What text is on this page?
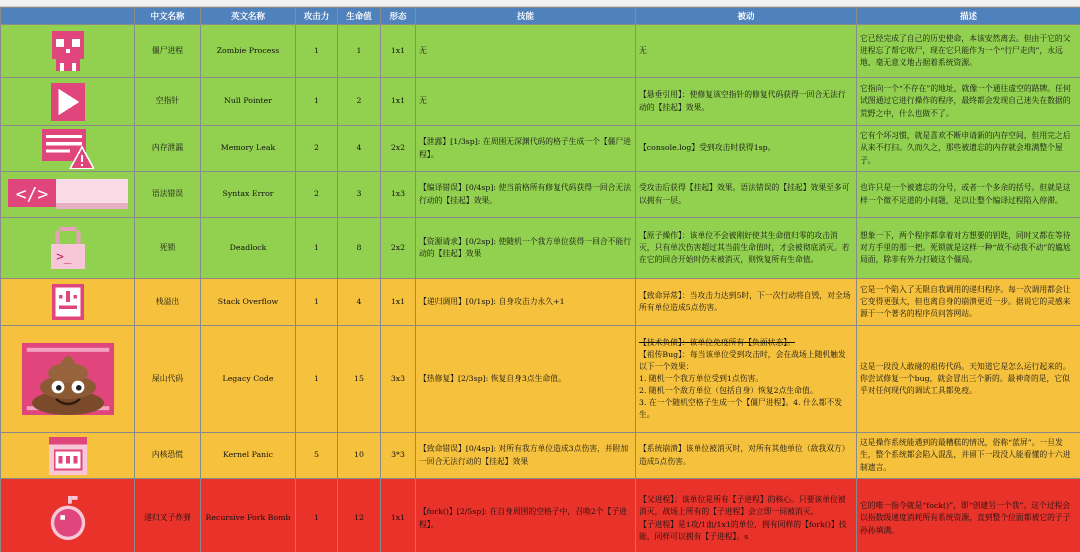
	中文名称	英文名称	攻击力	生命值	形态	技能	被动	描述

	僵尸进程	Zombie Process	1	1	1x1	无	无	它已经完成了自己的历史使命，本该安然离去。但由于它的父进程忘了帮它收尸，现在它只能作为一个“行尸走肉”，永远地、毫无意义地占据着系统资源。

	空指针	Null Pointer	1	2	1x1	无	【悬垂引用】：使修复该空指针的修复代码获得一回合无法行动的【挂起】效果。	它指向一个“不存在”的地址，就像一个通往虚空的路牌。任何试图通过它进行操作的程序，最终都会发现自己迷失在数据的荒野之中，什么也做不了。

	内存泄漏	Memory Leak	2	4	2x2	【泄露】[1/3sp]: 在周围无深渊代码的格子生成一个【僵尸进程】。	【console.log】受到攻击时获得1sp。	它有个坏习惯，就是喜欢不断申请新的内存空间，但用完之后从来不打扫。久而久之，那些被遗忘的内存就会堆满整个屋子。

</>	语法错误	Syntax Error	2	3	1x3	【编译错误】[0/4sp]: 使当前格所有修复代码获得一回合无法行动的【挂起】效果。	受攻击后获得【挂起】效果。语法错误的【挂起】效果至多可以拥有一层。	也许只是一个被遗忘的分号，或者一个多余的括号。但就是这样一个微不足道的小问题，足以让整个编译过程陷入停滞。

>_	死锁	Deadlock	1	8	2x2	【资源请求】[0/2sp]: 使随机一个我方单位获得一回合不能行动的【挂起】效果	【原子操作】：该单位不会被刚好使其生命值归零的攻击消灭，只有单次伤害超过其当前生命值时，才会被彻底消灭。若在它的回合开始时仍未被消灭，则恢复所有生命值。	想象一下，两个程序都拿着对方想要的钥匙，同时又都在等待对方手里的那一把。死锁就是这样一种“故不动我不动”的尴尬局面，除非有外力打破这个僵局。

	栈溢出	Stack Overflow	1	4	1x1	【递归调用】[0/1sp]: 自身攻击力永久+1	【致命异常】：当攻击力达到5时，下一次行动将自毁，对全场所有单位造成5点伤害。	它是一个陷入了无限自我调用的递归程序。每一次调用都会让它变得更强大，但也离自身的崩溃更近一步。据说它的灵感来源于一个著名的程序员问答网站。

	屎山代码	Legacy Code	1	15	3x3	【热修复】[2/3sp]: 恢复自身3点生命值。	【技术负债】：该单位免疫所有【负面状态】。
【祖传Bug】：每当该单位受到攻击时，会在战场上随机触发以下一个效果：
1. 随机一个我方单位受到1点伤害。
2. 随机一个敌方单位（包括自身）恢复2点生命值。
3. 在一个随机空格子生成一个【僵尸进程】。4. 什么都不发生。	这是一段没人敢碰的祖传代码。天知道它是怎么运行起来的。你尝试修复一个bug，就会冒出三个新的。最神奇的是，它似乎对任何现代的调试工具都免疫。

	内核恐慌	Kernel Panic	5	10	3*3	【致命错误】[0/4sp]: 对所有我方单位造成3点伤害，并附加一回合无法行动的【挂起】效果	【系统崩溃】该单位被消灭时，对所有其他单位（敌我双方）造成5点伤害。	这是操作系统能遇到的最糟糕的情况，俗称“蓝屏”。一旦发生，整个系统都会陷入混乱，并留下一段没人能看懂的十六进制遗言。

	递归叉子炸弹	Recursive Fork Bomb	1	12	1x1	【fork()】[2/5sp]: 在自身周围的空格子中，召唤2个【子进程】。	【父进程】：该单位是所有【子进程】的核心。只要该单位被消灭，战场上所有的【子进程】会立即一同被消灭。
【子进程】是1攻/1血/1x1的单位，拥有同样的【fork()】技能，同样可以拥有【子进程】。s	它的唯一指令就是“fock()”，即“创建另一个我”。这个过程会以指数级速度消耗所有系统资源，直到整个位面都被它的子子孙孙填满。
